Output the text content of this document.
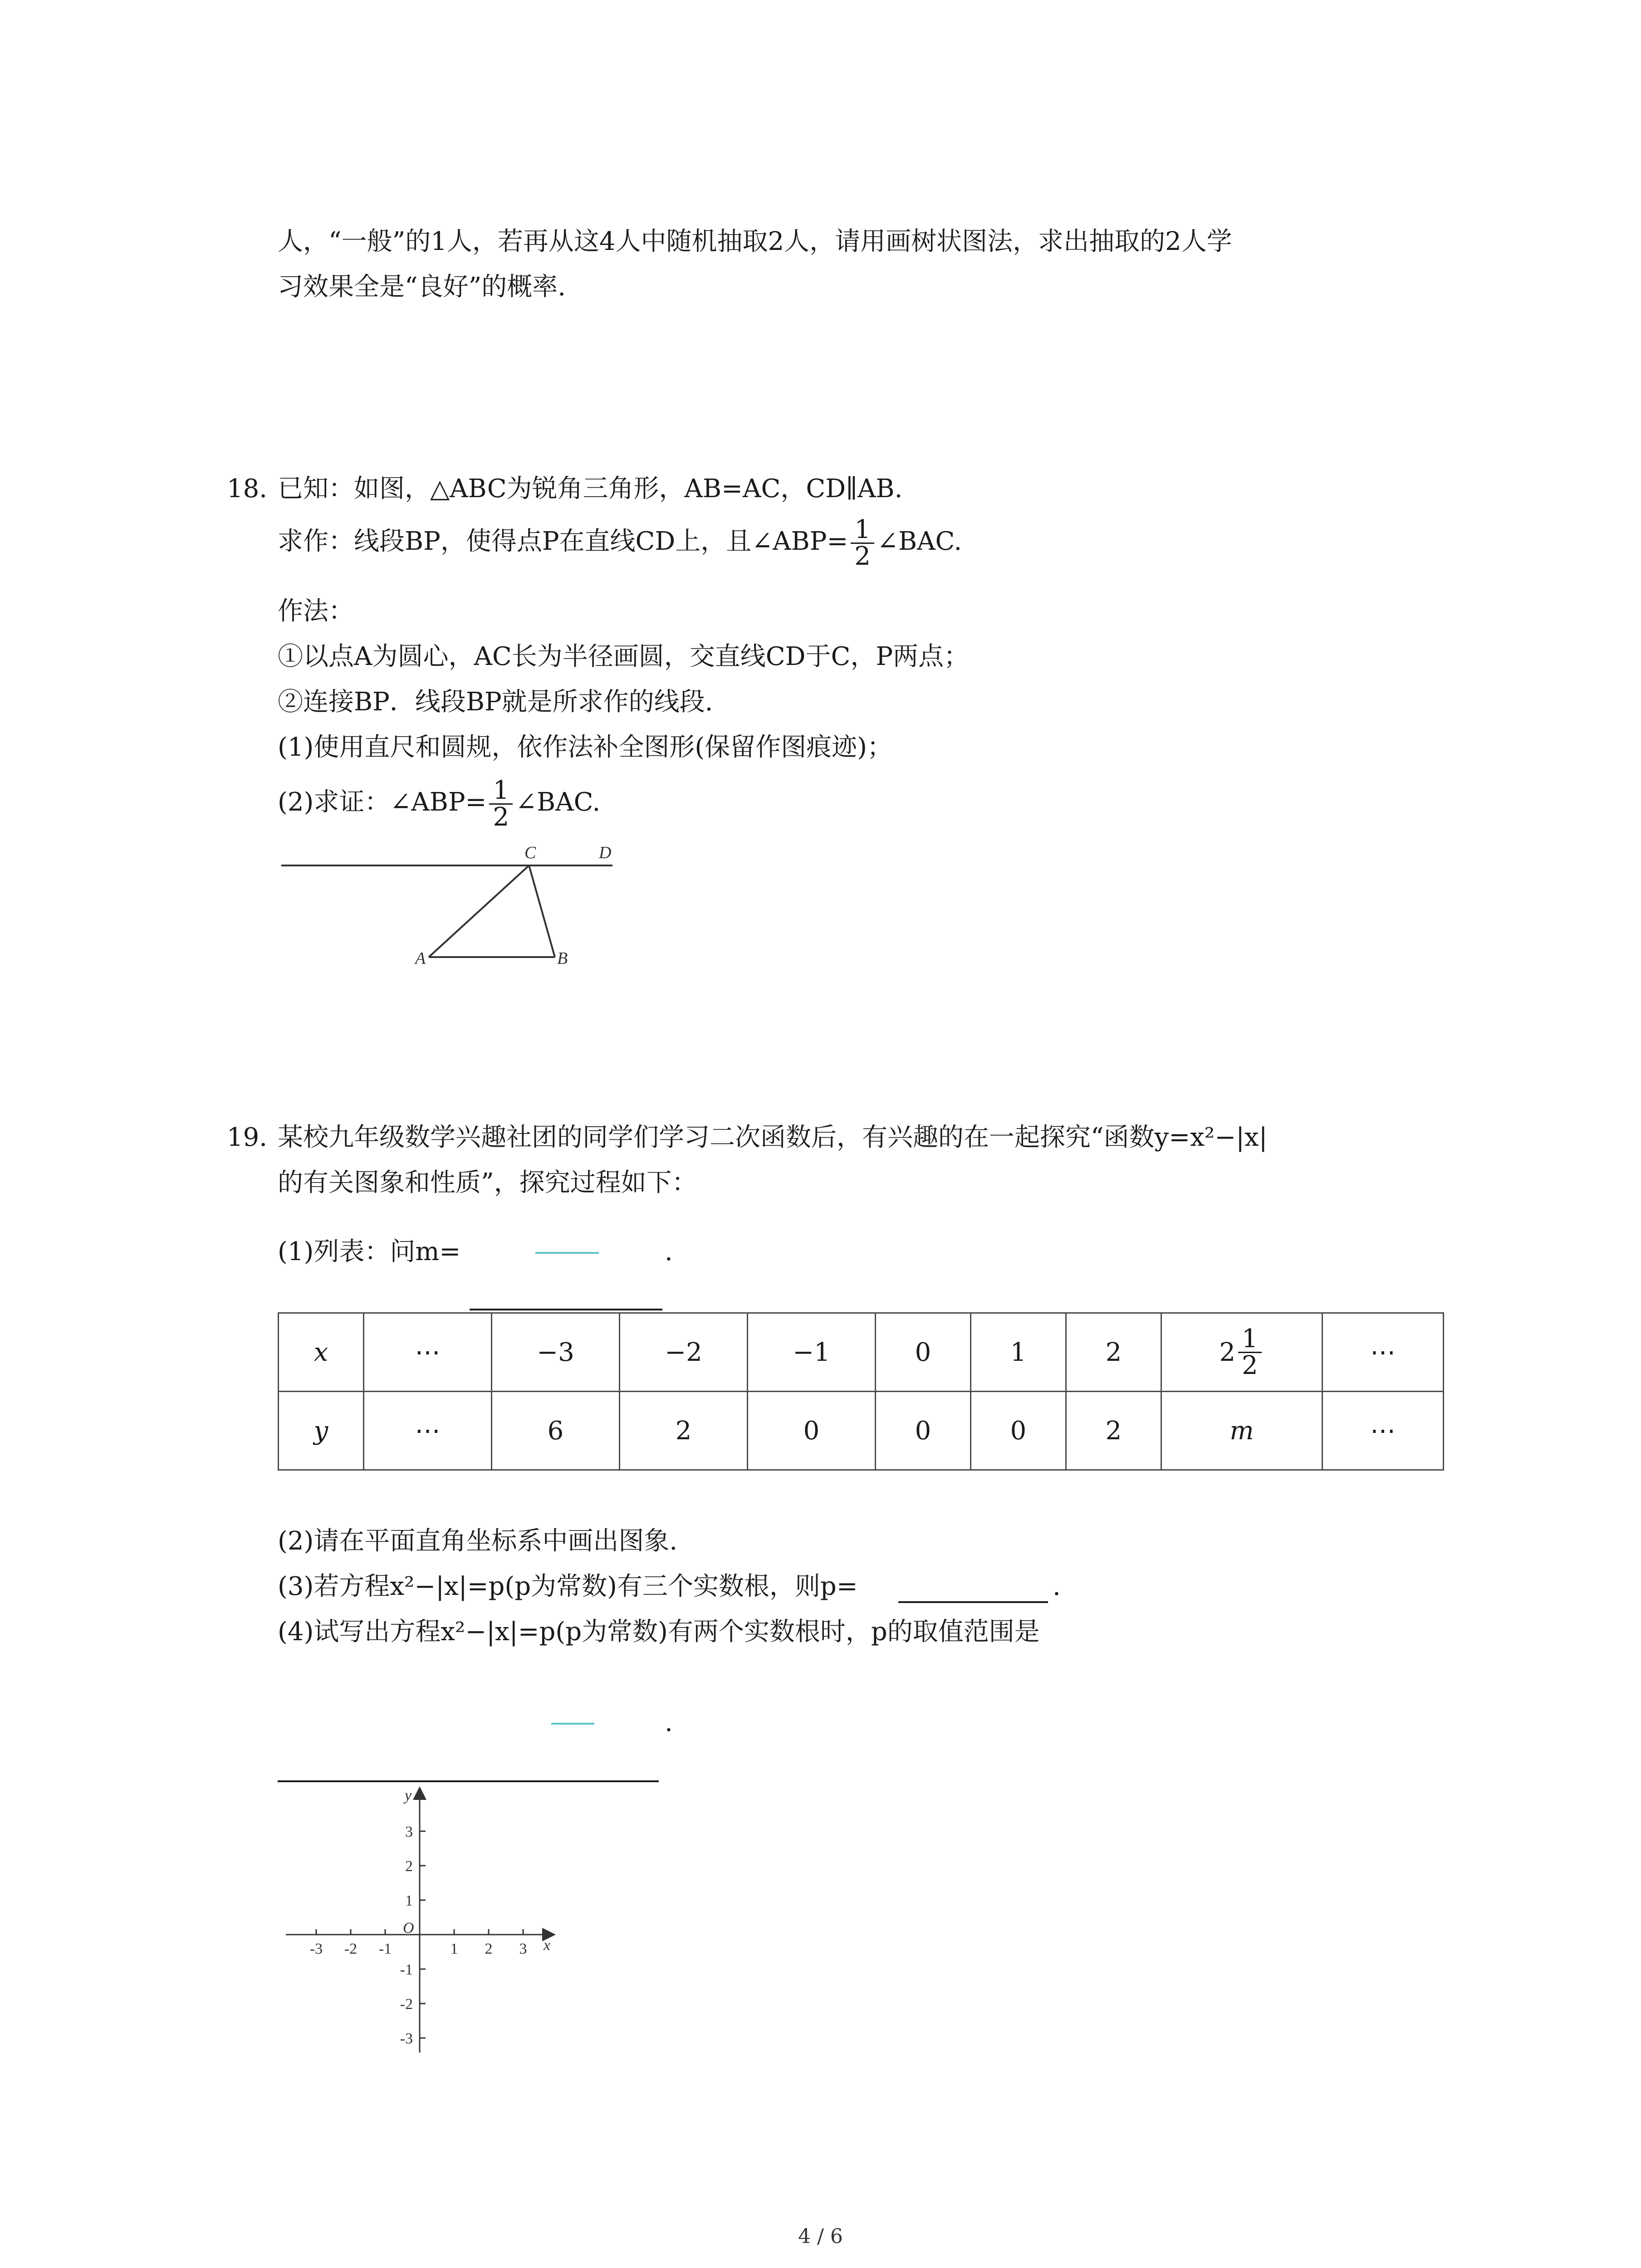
人，“一般”的1人，若再从这4人中随机抽取2人，请用画树状图法，求出抽取的2人学
习效果全是“良好”的概率.
18. 已知：如图，△ABC为锐角三角形，AB=AC，CD∥AB.
求作：线段BP，使得点P在直线CD上，且∠ABP= $\frac{1}{2}$ ∠BAC.
作法：
①以点A为圆心，AC长为半径画圆，交直线CD于C，P两点；
②连接BP．线段BP就是所求作的线段.
(1)使用直尺和圆规，依作法补全图形(保留作图痕迹)；
(2)求证：∠ABP= $\frac{1}{2}$ ∠BAC.
C	D
A	B
19. 某校九年级数学兴趣社团的同学们学习二次函数后，有兴趣的在一起探究“函数y=x²−|x|
的有关图象和性质”，探究过程如下：
(1)列表：问m=	.
x	⋯	−3	−2	−1	0	1	2	$2 \frac{1}{2}$	⋯
y	⋯	6	2	0	0	0	2	m	⋯
(2)请在平面直角坐标系中画出图象.
(3)若方程x²−|x|=p(p为常数)有三个实数根，则p=	.
(4)试写出方程x²−|x|=p(p为常数)有两个实数根时，p的取值范围是
.
-3 -2 -1	1 2 3
3
2
1
-1
-2
-3
O
x
y
4 / 6
